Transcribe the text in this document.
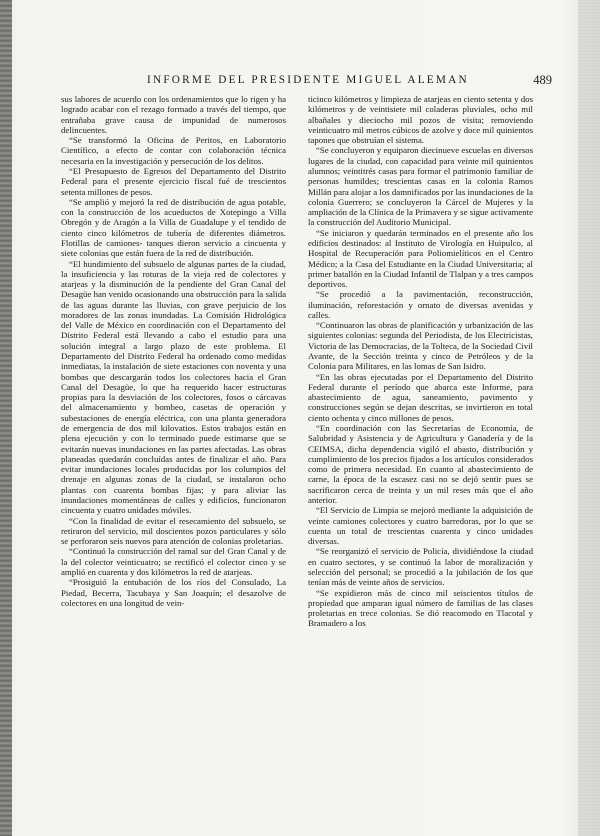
INFORME DEL PRESIDENTE MIGUEL ALEMAN	489

sus labores de acuerdo con los ordenamientos que lo rigen y ha logrado acabar con el rezago formado a través del tiempo, que entrañaba grave causa de impunidad de numerosos delincuentes.

“Se transformó la Oficina de Peritos, en Laboratorio Científico, a efecto de contar con colaboración técnica necesaria en la investigación y persecución de los delitos.

“El Presupuesto de Egresos del Departamento del Distrito Federal para el presente ejercicio fiscal fué de trescientos setenta millones de pesos.

“Se amplió y mejoró la red de distribución de agua potable, con la construcción de los acueductos de Xotepingo a Villa Obregón y de Aragón a la Villa de Guadalupe y el tendido de ciento cinco kilómetros de tubería de diferentes diámetros. Flotillas de camiones- tanques dieron servicio a cincuenta y siete colonias que están fuera de la red de distribución.

“El hundimiento del subsuelo de algunas partes de la ciudad, la insuficiencia y las roturas de la vieja red de colectores y atarjeas y la disminución de la pendiente del Gran Canal del Desagüe han venido ocasionando una obstrucción para la salida de las aguas durante las lluvias, con grave perjuicio de los moradores de las zonas inundadas. La Comisión Hidrológica del Valle de México en coordinación con el Departamento del Distrito Federal está llevando a cabo el estudio para una solución integral a largo plazo de este problema. El Departamento del Distrito Federal ha ordenado como medidas inmediatas, la instalación de siete estaciones con noventa y una bombas que descargarán todos los colectores hacia el Gran Canal del Desagüe, lo que ha requerido hacer estructuras propias para la desviación de los colectores, fosos o cárcavas del almacenamiento y bombeo, casetas de operación y subestaciones de energía eléctrica, con una planta generadora de emergencia de dos mil kilovatios. Estos trabajos están en plena ejecución y con lo terminado puede estimarse que se evitarán nuevas inundaciones en las partes afectadas. Las obras planeadas quedarán concluídas antes de finalizar el año. Para evitar inundaciones locales producidas por los columpios del drenaje en algunas zonas de la ciudad, se instalaron ocho plantas con cuarenta bombas fijas; y para aliviar las inundaciones momentáneas de calles y edificios, funcionaron cincuenta y cuatro unidades móviles.

“Con la finalidad de evitar el resecamiento del subsuelo, se retiraron del servicio, mil doscientos pozos particulares y sólo se perforaron seis nuevos para atención de colonias proletarias.

“Continuó la construcción del ramal sur del Gran Canal y de la del colector veinticuatro; se rectificó el colector cinco y se amplió en cuarenta y dos kilómetros la red de atarjeas.

“Prosiguió la entubación de los ríos del Consulado, La Piedad, Becerra, Tacubaya y San Joaquín; el desazolve de colectores en una longitud de vein-

ticinco kilómetros y limpieza de atarjeas en ciento setenta y dos kilómetros y de veintisiete mil coladeras pluviales, ocho mil albañales y dieciocho mil pozos de visita; removiendo veinticuatro mil metros cúbicos de azolve y doce mil quinientos tapones que obstruían el sistema.

“Se concluyeron y equiparon diecinueve escuelas en diversos lugares de la ciudad, con capacidad para veinte mil quinientos alumnos; veintitrés casas para formar el patrimonio familiar de personas humildes; trescientas casas en la colonia Ramos Millán para alojar a los damnificados por las inundaciones de la colonia Guerrero; se concluyeron la Cárcel de Mujeres y la ampliación de la Clínica de la Primavera y se sigue activamente la construcción del Auditorio Municipal.

“Se iniciaron y quedarán terminados en el presente año los edificios destinados: al Instituto de Virología en Huipulco, al Hospital de Recuperación para Poliomielíticos en el Centro Médico; a la Casa del Estudiante en la Ciudad Universitaria; al primer batallón en la Ciudad Infantil de Tlalpan y a tres campos deportivos.

“Se procedió a la pavimentación, reconstrucción, iluminación, reforestación y ornato de diversas avenidas y calles.

“Continuaron las obras de planificación y urbanización de las siguientes colonias: segunda del Periodista, de los Electricistas, Victoria de las Democracias, de la Tolteca, de la Sociedad Civil Avante, de la Sección treinta y cinco de Petróleos y de la Colonia para Militares, en las lomas de San Isidro.

“En las obras ejecutadas por el Departamento del Distrito Federal durante el período que abarca este Informe, para abastecimiento de agua, saneamiento, pavimento y construcciones según se dejan descritas, se invirtieron en total ciento ochenta y cinco millones de pesos.

“En coordinación con las Secretarías de Economía, de Salubridad y Asistencia y de Agricultura y Ganadería y de la CEIMSA, dicha dependencia vigiló el abasto, distribución y cumplimiento de los precios fijados a los artículos considerados como de primera necesidad. En cuanto al abastecimiento de carne, la época de la escasez casi no se dejó sentir pues se sacrificaron cerca de treinta y un mil reses más que el año anterior.

“El Servicio de Limpia se mejoró mediante la adquisición de veinte camiones colectores y cuatro barredoras, por lo que se cuenta un total de trescientas cuarenta y cinco unidades diversas.

“Se reorganizó el servicio de Policía, dividiéndose la ciudad en cuatro sectores, y se continuó la labor de moralización y selección del personal; se procedió a la jubilación de los que tenían más de veinte años de servicios.

“Se expidieron más de cinco mil seiscientos títulos de propiedad que amparan igual número de familias de las clases proletarias en trece colonias. Se dió reacomodo en Tlacotal y Bramadero a los
